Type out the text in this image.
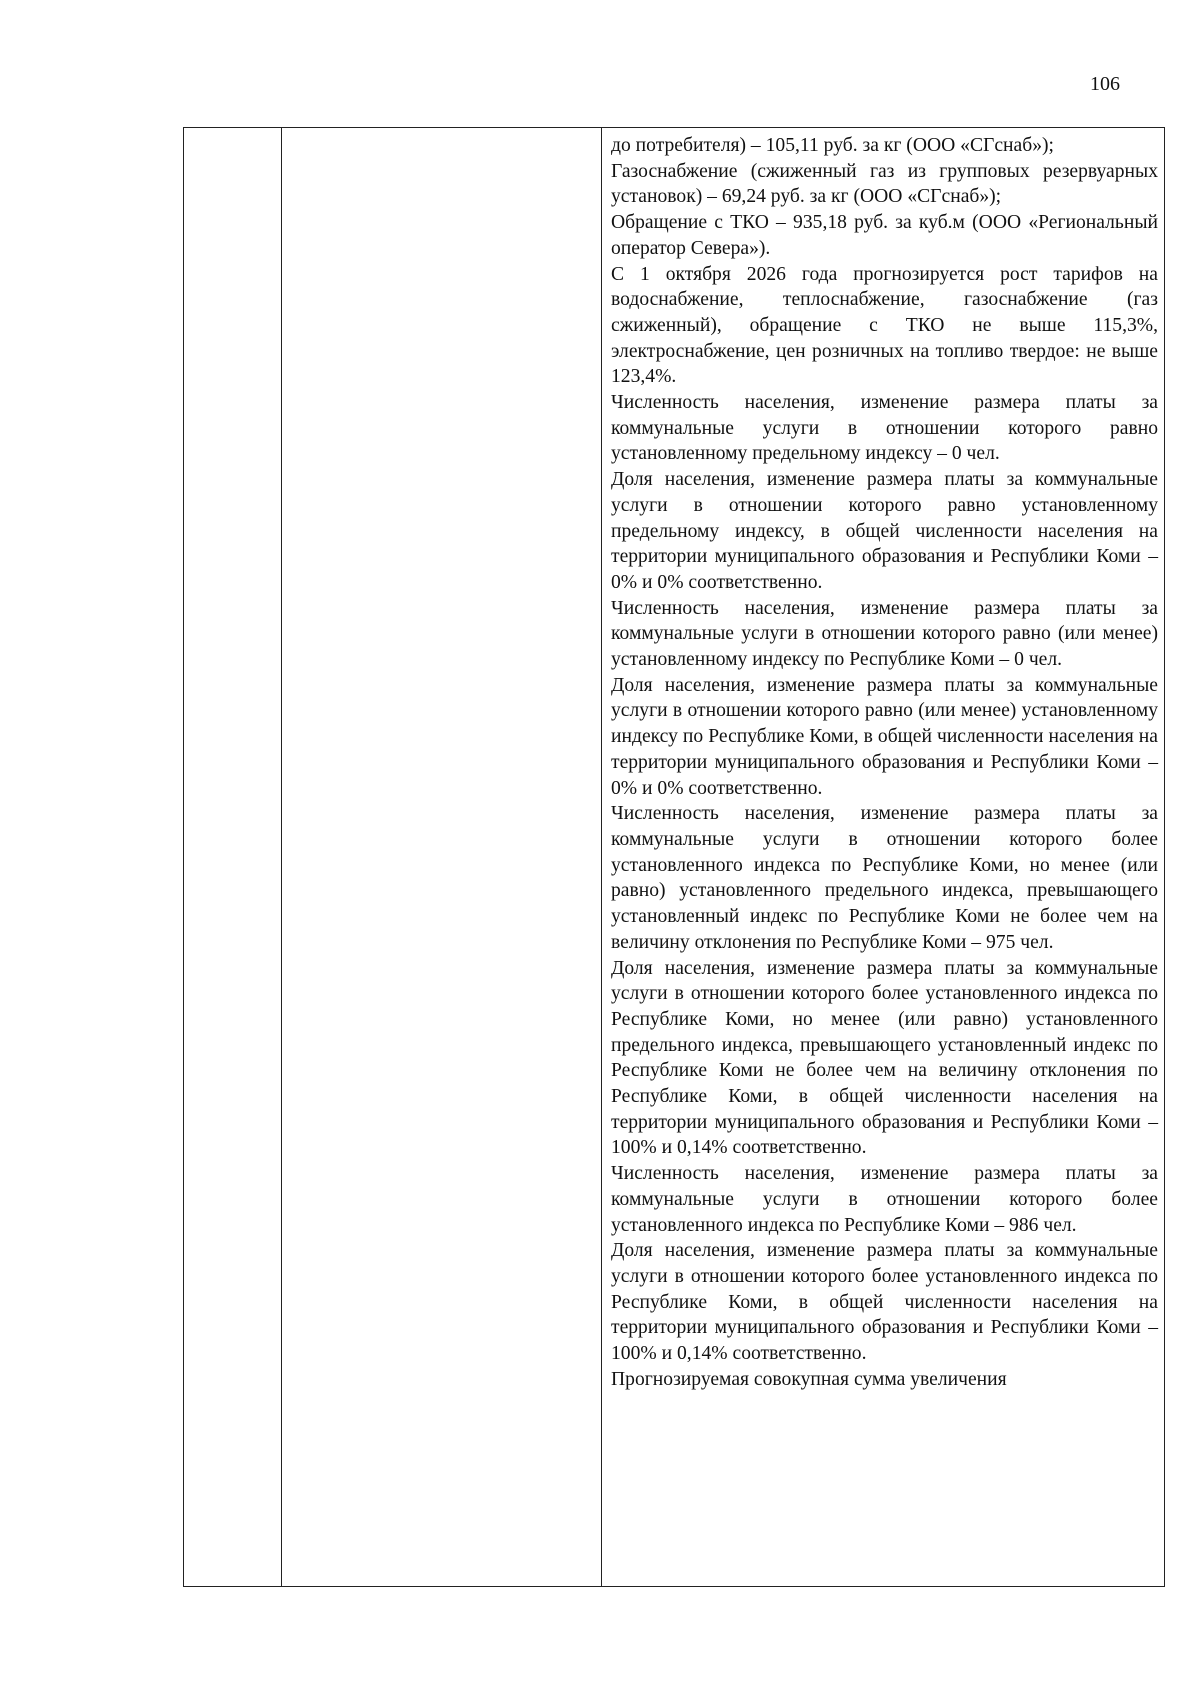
106

до потребителя) – 105,11 руб. за кг (ООО «СГснаб»);

Газоснабжение (сжиженный газ из групповых резервуарных установок) – 69,24 руб. за кг (ООО «СГснаб»);

Обращение с ТКО – 935,18 руб. за куб.м (ООО «Региональный оператор Севера»).

С 1 октября 2026 года прогнозируется рост тарифов на водоснабжение, теплоснабжение, газоснабжение (газ сжиженный), обращение с ТКО не выше 115,3%, электроснабжение, цен розничных на топливо твердое: не выше 123,4%.

Численность населения, изменение размера платы за коммунальные услуги в отношении которого равно установленному предельному индексу – 0 чел.

Доля населения, изменение размера платы за коммунальные услуги в отношении которого равно установленному предельному индексу, в общей численности населения на территории муниципального образования и Республики Коми – 0% и 0% соответственно.

Численность населения, изменение размера платы за коммунальные услуги в отношении которого равно (или менее) установленному индексу по Республике Коми – 0 чел.

Доля населения, изменение размера платы за коммунальные услуги в отношении которого равно (или менее) установленному индексу по Республике Коми, в общей численности населения на территории муниципального образования и Республики Коми – 0% и 0% соответственно.

Численность населения, изменение размера платы за коммунальные услуги в отношении которого более установленного индекса по Республике Коми, но менее (или равно) установленного предельного индекса, превышающего установленный индекс по Республике Коми не более чем на величину отклонения по Республике Коми – 975 чел.

Доля населения, изменение размера платы за коммунальные услуги в отношении которого более установленного индекса по Республике Коми, но менее (или равно) установленного предельного индекса, превышающего установленный индекс по Республике Коми не более чем на величину отклонения по Республике Коми, в общей численности населения на территории муниципального образования и Республики Коми – 100% и 0,14% соответственно.

Численность населения, изменение размера платы за коммунальные услуги в отношении которого более установленного индекса по Республике Коми – 986 чел.

Доля населения, изменение размера платы за коммунальные услуги в отношении которого более установленного индекса по Республике Коми, в общей численности населения на территории муниципального образования и Республики Коми – 100% и 0,14% соответственно.

Прогнозируемая совокупная сумма увеличения
